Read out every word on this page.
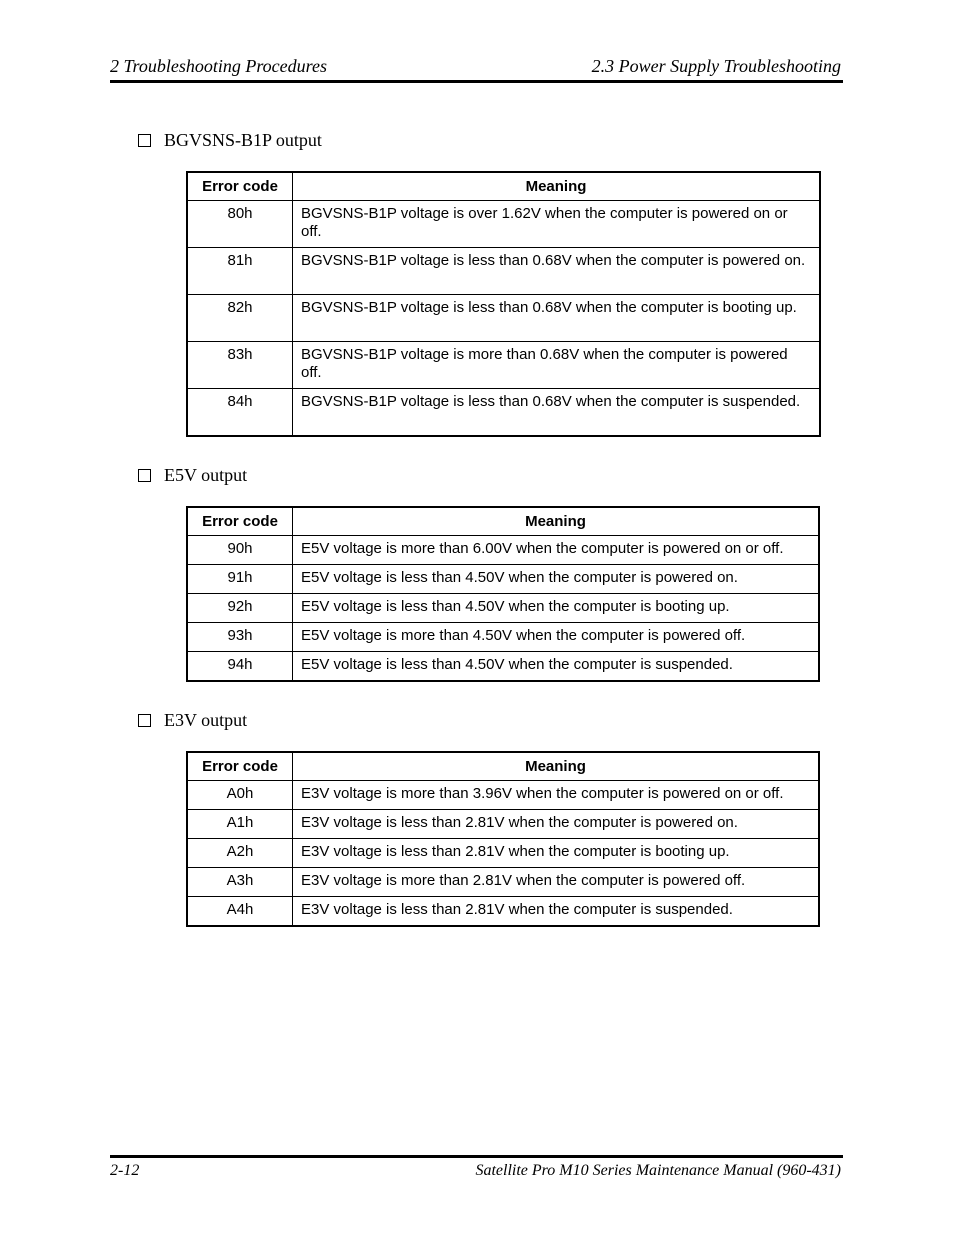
2 Troubleshooting Procedures	2.3 Power Supply Troubleshooting
BGVSNS-B1P output
Error code	Meaning
80h	BGVSNS-B1P voltage is over 1.62V when the computer is powered on or off.
81h	BGVSNS-B1P voltage is less than 0.68V when the computer is powered on.
82h	BGVSNS-B1P voltage is less than 0.68V when the computer is booting up.
83h	BGVSNS-B1P voltage is more than 0.68V when the computer is powered off.
84h	BGVSNS-B1P voltage is less than 0.68V when the computer is suspended.
E5V output
Error code	Meaning
90h	E5V voltage is more than 6.00V when the computer is powered on or off.
91h	E5V voltage is less than 4.50V when the computer is powered on.
92h	E5V voltage is less than 4.50V when the computer is booting up.
93h	E5V voltage is more than 4.50V when the computer is powered off.
94h	E5V voltage is less than 4.50V when the computer is suspended.
E3V output
Error code	Meaning
A0h	E3V voltage is more than 3.96V when the computer is powered on or off.
A1h	E3V voltage is less than 2.81V when the computer is powered on.
A2h	E3V voltage is less than 2.81V when the computer is booting up.
A3h	E3V voltage is more than 2.81V when the computer is powered off.
A4h	E3V voltage is less than 2.81V when the computer is suspended.
2-12	Satellite Pro M10 Series Maintenance Manual (960-431)
